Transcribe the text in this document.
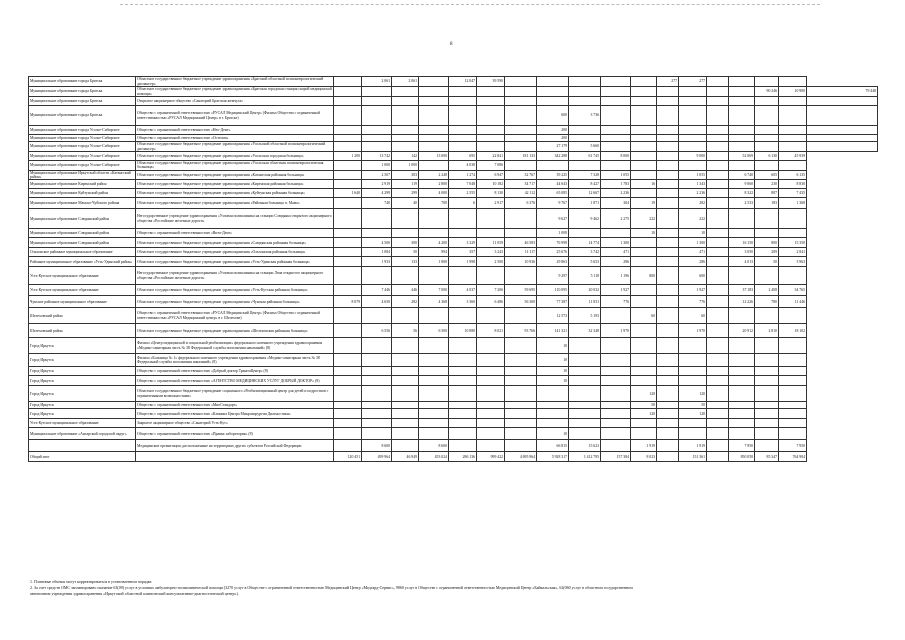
8
Муниципальное образование города Братска	Областное государственное бюджетное учреждение здравоохранения «Братский областной психоневрологический диспансер»		2 061	2 061		12 047	39 590						277	277					
Муниципальное образование города Братска	Областное государственное бюджетное учреждение здравоохранения «Братская городская станция скорой медицинской помощи»																90 246	10 900	79 448
Муниципальное образование города Братска	Открытое акционерное общество «Санаторий Братская жемчуга»																		
Муниципальное образование города Братска	Общество с ограниченной ответственностью «РУСАЛ Медицинский Центр» (Филиал Общества с ограниченной ответственностью «РУСАЛ Медицинский Центр» в г. Братске)								600	3 736									
Муниципальное образование города Усолье-Сибирское	Общество с ограниченной ответственностью «Нео-Дент»								200										
Муниципальное образование города Усолье-Сибирское	Общество с ограниченной ответственностью «Остеома»								200										
Муниципальное образование города Усолье-Сибирское	Областное государственное бюджетное учреждение здравоохранения «Усольский областной психоневрологический диспансер»								27 179	5 660									
Муниципальное образование города Усолье-Сибирское	Областное государственное бюджетное учреждение здравоохранения «Усольская городская больница»	1 200	13 742	142	13 000	695	22 841	181 133	342 288	61 745	8 000			9 000		52 069	6 130	45 939	
Муниципальное образование города Усолье-Сибирское	Областное государственное бюджетное учреждение здравоохранения «Усольская областная психоневрологическая больница»		1 000	1 000		4 038	7 086												
Муниципальное образование Иркутской области «Катангский район»	Областное государственное бюджетное учреждение здравоохранения «Катангская районная больница»		2 507	303	2 248	1 274	6 947	32 767	39 225	7 328	1 055			1 055		6 740	605	6 135	
Муниципальное образование Киренский район	Областное государственное бюджетное учреждение здравоохранения «Киренская районная больница»		2 919	119	2 800	7 048	10 182	34 717	44 043	8 427	1 783	16		1 343		9 060	230	8 830	
Муниципальное образование Куйтунский район	Областное государственное бюджетное учреждение здравоохранения «Куйтунская районная больница»	1 640	4 299	299	4 000	2 555	8 130	42 112	65 085	12 667	2 236			2 236		8 322	887	7 435	
Муниципальное образование Мамско-Чуйского района	Областное государственное бюджетное учреждение здравоохранения «Районная больница п. Мама»		740	40	700	6	2 917	6 376	9 767	1 871	304	19		282		2 533	183	1 368	
Муниципальное образование Слюдянский район	Негосударственное учреждение здравоохранения «Узловая поликлиника на станции Слюдянка открытого акционерного общества «Российские железные дороги»								9 627	9 462	2 275	222		222					
Муниципальное образование Слюдянский район	Общество с ограниченной ответственностью «Вита-Дент»								1 008			10		10					
Муниципальное образование Слюдянский район	Областное государственное бюджетное учреждение здравоохранения «Слюдянская районная больница»		4 500	300	4 200	3 329	11 059	46 583	76 998	14 774	1 300			1 300		16 150	800	15 350	
Ольхонское районное муниципальное образование	Областное государственное бюджетное учреждение здравоохранения «Ольхонская районная больница»		1 084	50	994	357	3 243	11 117	25 676	3 742	471			471		3 050	209	2 841	
Районное муниципальное образование «Усть-Удинский район»	Областное государственное бюджетное учреждение здравоохранения «Усть-Удинская районная больница»		1 933	133	1 800	1 998	2 500	10 936	29 863	5 653	286			286		4 013	50	3 963	
Усть-Кутское муниципальное образование	Негосударственное учреждение здравоохранения «Узловая поликлиника на станции Лена открытого акционерного общества «Российские железные дороги»								9 297	5 118	1 196	800		600					
Усть-Кутское муниципальное образование	Областное государственное бюджетное учреждение здравоохранения «Усть-Кутская районная больница»		7 446	446	7 000	4 037	7 206	59 695	110 095	20 032	1 927			1 927		37 183	2 408	34 765	
Чунское районное муниципальное образование	Областное государственное бюджетное учреждение здравоохранения «Чунская районная больница»	8 079	4 650	282	4 368	3 360	6 486	56 300	77 387	11 831	776			776		12 226	780	11 446	
Шелеховский район	Общество с ограниченной ответственностью «РУСАЛ Медицинский Центр» (Филиал Общества с ограниченной ответственностью «РУСАЛ Медицинский центр» в г. Шелехове)								12 573	5 193		60		60					
Шелеховский район	Областное государственное бюджетное учреждение здравоохранения «Шелеховская районная больница»		6 556	56	6 500	10 080	8 021	93 766	141 321	32 348	1 970			1 970		20 912	2 810	18 102	
Город Иркутск	Филиал «Центр медицинской и социальной реабилитации» федерального казенного учреждения здравоохранения «Медико-санитарная часть № 38 Федеральной службы исполнения наказаний» (8)								10										
Город Иркутск	Филиал «Больница № 1» федерального казенного учреждения здравоохранения «Медико-санитарная часть № 38 Федеральной службы исполнения наказаний» (8)								10										
Город Иркутск	Общество с ограниченной ответственностью «Добрый доктор ТрансмЦентр» (8)								10										
Город Иркутск	Общество с ограниченной ответственностью «АГЕНТСТВО МЕДИЦИНСКИХ УСЛУГ ДОБРЫЙ ДОКТОР» (8)								10										
Город Иркутск	Областное государственное бюджетное учреждение социального «Реабилитационный центр для детей и подростков с ограниченными возможностями»											120		120					
Город Иркутск	Общество с ограниченной ответственностью «МиоСтандарт»											50		50					
Город Иркутск	Общество с ограниченной ответственностью «Клиника Центра Микрохирургии Диагностики»											120		120					
Усть-Кутское муниципальное образование	Закрытое акционерное общество «Санаторий Усть-Кут»																		
Муниципальное образование «Ангарский городской округ»	Общество с ограниченной ответственностью «Правка лаборатория» (8)								10										
	Медицинские организации, расположенные на территориях других субъектов Российской Федерации		8 600		8 600				66 815	15 623		1 919		1 919		7 950		7 950	
Общий итог		120 451	499 964	46 949	453 024	286 136	999 422	4 695 964	5 928 317	1 412 795	157 384	8 023		151 361		850 058	85 347	764 904	
1. Плановые объемы могут корректироваться в установленном порядке.
2. За счет средств ОМС запланировано оказание 63(09) услуг в условиях амбулаторно-поликлинической помощи (3270 услуг в Обществе с ограниченной ответственностью Медицинский Центр «Медгард-Сервис», 9860 услуг в Обществе с ограниченной ответственностью Медицинский Центр «Байкальская», 62(060 услуг в областном государственном
автономном учреждении здравоохранения «Иркутский областной клинический консультативно-диагностический центр»).
